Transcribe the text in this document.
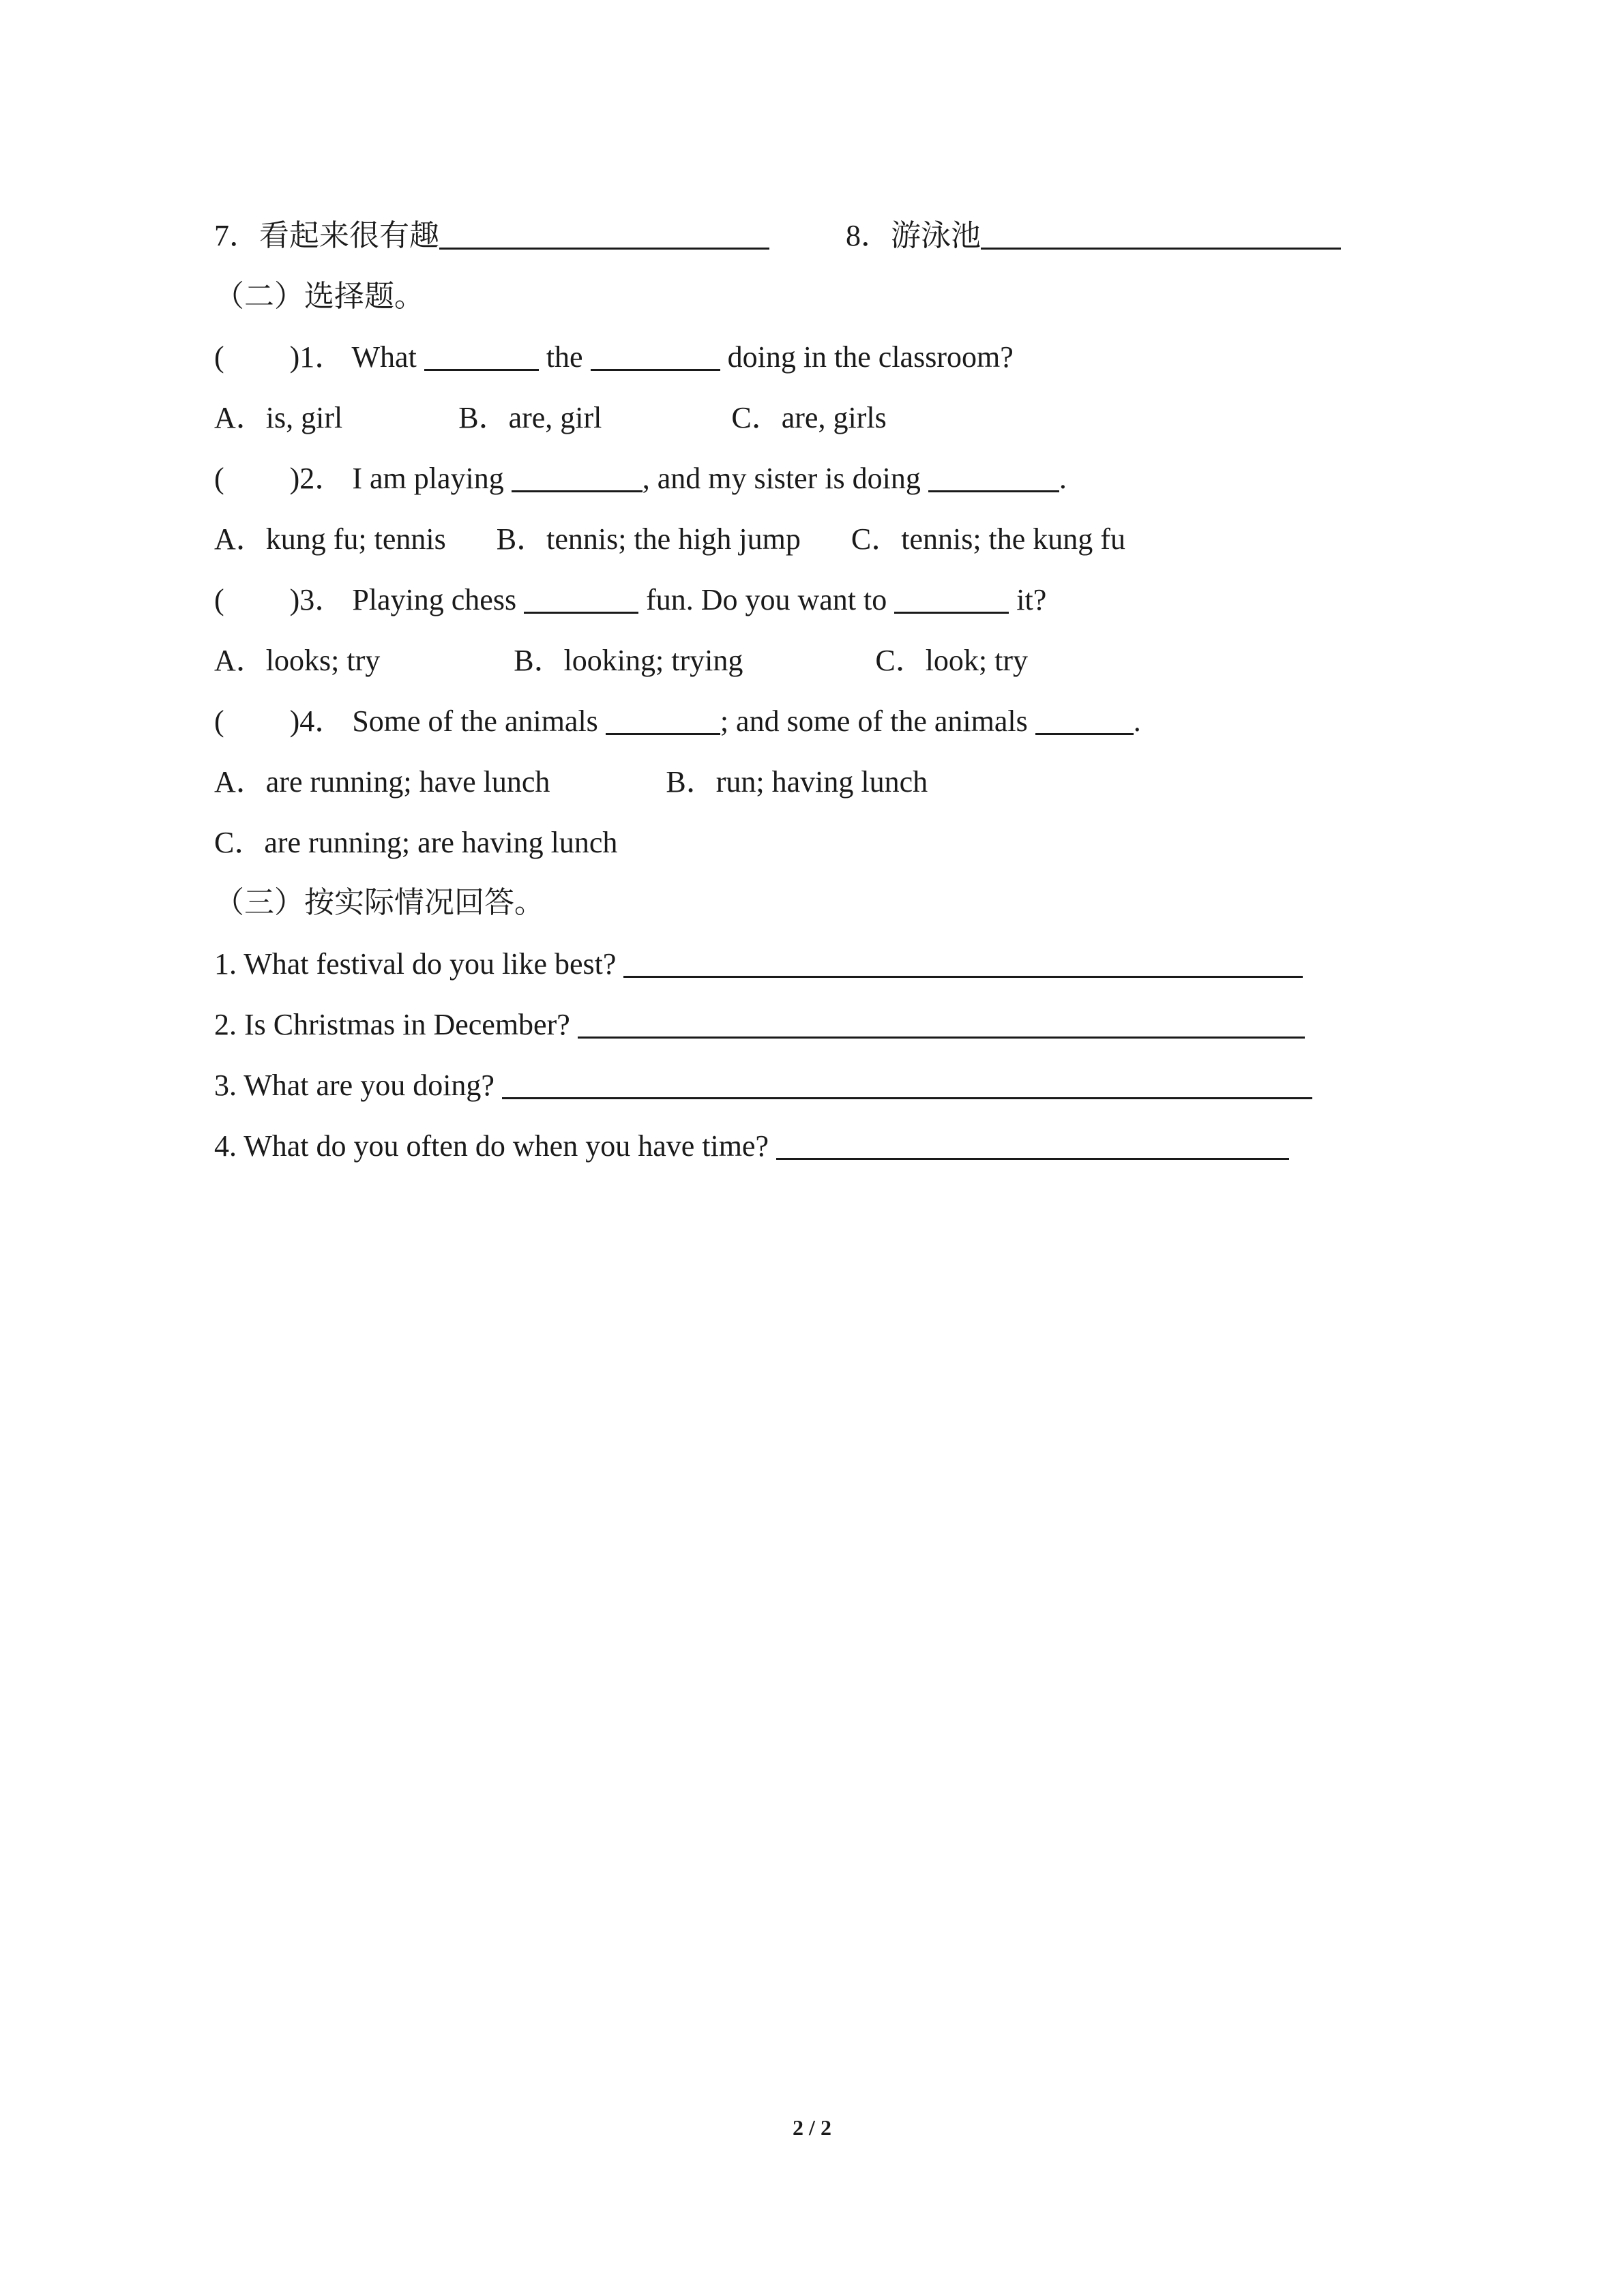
7．看起来很有趣	8．游泳池
（二）选择题。
( )1． What	the	doing in the classroom?
A．is, girl	B．are, girl	C．are, girls
( )2． I am playing	, and my sister is doing	.
A．kung fu; tennis B．tennis; the high jump C．tennis; the kung fu
( )3． Playing chess	fun. Do you want to	it?
A．looks; try	B．looking; trying	C．look; try
( )4． Some of the animals	; and some of the animals	.
A．are running; have lunch	B．run; having lunch
C．are running; are having lunch
（三）按实际情况回答。
1. What festival do you like best?
2. Is Christmas in December?
3. What are you doing?
4. What do you often do when you have time?
2 / 2
